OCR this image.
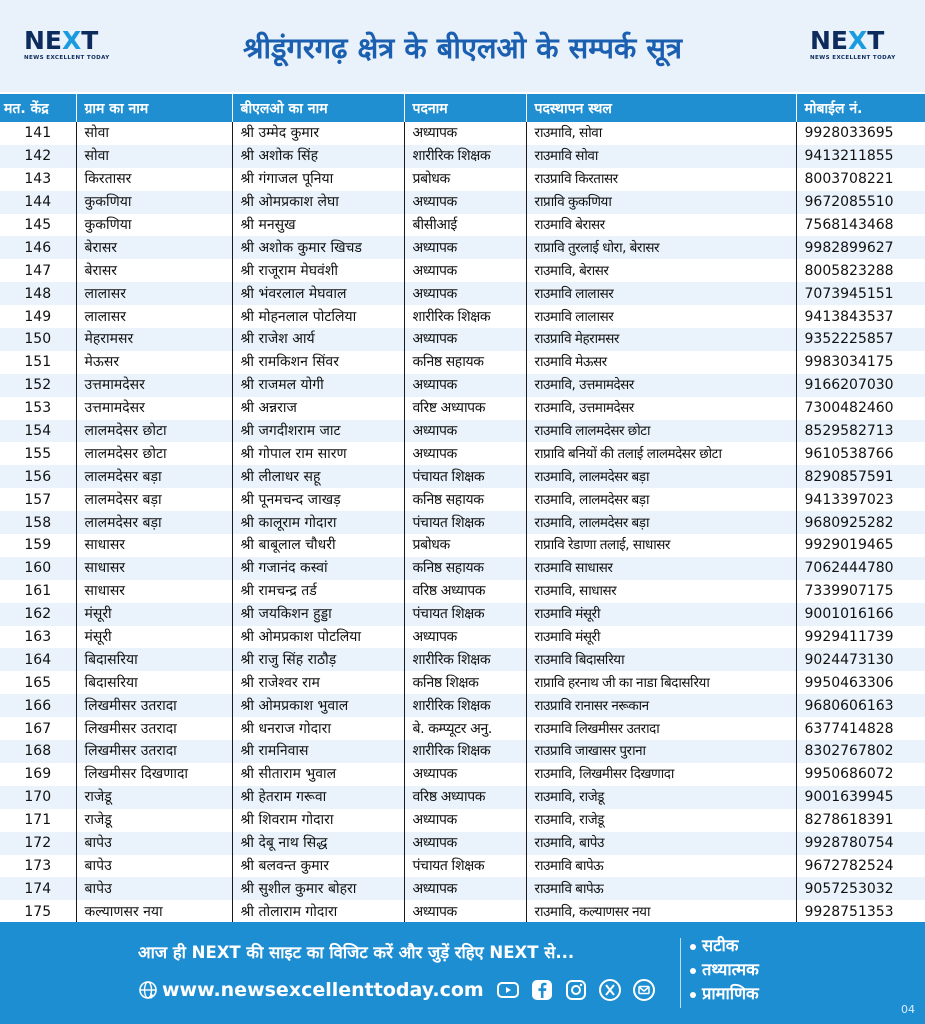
NEXT
NEWS EXCELLENT TODAY	श्रीडूंगरगढ़ क्षेत्र के बीएलओ के सम्पर्क सूत्र	NEXT
NEWS EXCELLENT TODAY
मत. केंद्र	ग्राम का नाम	बीएलओ का नाम	पदनाम	पदस्थापन स्थल	मोबाईल नं.
141	सोवा	श्री उम्मेद कुमार	अध्यापक	राउमावि, सोवा	9928033695
142	सोवा	श्री अशोक सिंह	शारीरिक शिक्षक	राउमावि सोवा	9413211855
143	किरतासर	श्री गंगाजल पूनिया	प्रबोधक	राउप्रावि किरतासर	8003708221
144	कुकणिया	श्री ओमप्रकाश लेघा	अध्यापक	राप्रावि कुकणिया	9672085510
145	कुकणिया	श्री मनसुख	बीसीआई	राउमावि बेरासर	7568143468
146	बेरासर	श्री अशोक कुमार खिचड	अध्यापक	राप्रावि तुरलाई धोरा, बेरासर	9982899627
147	बेरासर	श्री राजूराम मेघवंशी	अध्यापक	राउमावि, बेरासर	8005823288
148	लालासर	श्री भंवरलाल मेघवाल	अध्यापक	राउमावि लालासर	7073945151
149	लालासर	श्री मोहनलाल पोटलिया	शारीरिक शिक्षक	राउमावि लालासर	9413843537
150	मेहरामसर	श्री राजेश आर्य	अध्यापक	राउप्रावि मेहरामसर	9352225857
151	मेऊसर	श्री रामकिशन सिंवर	कनिष्ठ सहायक	राउमावि मेऊसर	9983034175
152	उत्तमामदेसर	श्री राजमल योगी	अध्यापक	राउमावि, उत्तमामदेसर	9166207030
153	उत्तमामदेसर	श्री अन्नराज	वरिष्ट अध्यापक	राउमावि, उत्तमामदेसर	7300482460
154	लालमदेसर छोटा	श्री जगदीशराम जाट	अध्यापक	राउमावि लालमदेसर छोटा	8529582713
155	लालमदेसर छोटा	श्री गोपाल राम सारण	अध्यापक	राप्रावि बनियों की तलाई लालमदेसर छोटा	9610538766
156	लालमदेसर बड़ा	श्री लीलाधर सहू	पंचायत शिक्षक	राउमावि, लालमदेसर बड़ा	8290857591
157	लालमदेसर बड़ा	श्री पूनमचन्द जाखड़	कनिष्ठ सहायक	राउमावि, लालमदेसर बड़ा	9413397023
158	लालमदेसर बड़ा	श्री कालूराम गोदारा	पंचायत शिक्षक	राउमावि, लालमदेसर बड़ा	9680925282
159	साधासर	श्री बाबूलाल चौधरी	प्रबोधक	राप्रावि रेडाणा तलाई, साधासर	9929019465
160	साधासर	श्री गजानंद कस्वां	कनिष्ठ सहायक	राउमावि साधासर	7062444780
161	साधासर	श्री रामचन्द्र तर्ड	वरिष्ठ अध्यापक	राउमावि, साधासर	7339907175
162	मंसूरी	श्री जयकिशन हुड्डा	पंचायत शिक्षक	राउमावि मंसूरी	9001016166
163	मंसूरी	श्री ओमप्रकाश पोटलिया	अध्यापक	राउमावि मंसूरी	9929411739
164	बिदासरिया	श्री राजु सिंह राठौड़	शारीरिक शिक्षक	राउमावि बिदासरिया	9024473130
165	बिदासरिया	श्री राजेश्वर राम	कनिष्ठ शिक्षक	राप्रावि हरनाथ जी का नाडा बिदासरिया	9950463306
166	लिखमीसर उतरादा	श्री ओमप्रकाश भुवाल	शारीरिक शिक्षक	राउप्रावि रानासर नरूकान	9680606163
167	लिखमीसर उतरादा	श्री धनराज गोदारा	बे. कम्प्यूटर अनु.	राउमावि लिखमीसर उतरादा	6377414828
168	लिखमीसर उतरादा	श्री रामनिवास	शारीरिक शिक्षक	राउप्रावि जाखासर पुराना	8302767802
169	लिखमीसर दिखणादा	श्री सीताराम भुवाल	अध्यापक	राउमावि, लिखमीसर दिखणादा	9950686072
170	राजेडू	श्री हेतराम गरूवा	वरिष्ठ अध्यापक	राउमावि, राजेडू	9001639945
171	राजेडू	श्री शिवराम गोदारा	अध्यापक	राउमावि, राजेडू	8278618391
172	बापेउ	श्री देबू नाथ सिद्ध	अध्यापक	राउमावि, बापेउ	9928780754
173	बापेउ	श्री बलवन्त कुमार	पंचायत शिक्षक	राउमावि बापेऊ	9672782524
174	बापेउ	श्री सुशील कुमार बोहरा	अध्यापक	राउमावि बापेऊ	9057253032
175	कल्याणसर नया	श्री तोलाराम गोदारा	अध्यापक	राउमावि, कल्याणसर नया	9928751353
आज ही NEXT की साइट का विजिट करें और जुड़ें रहिए NEXT से...
www.newsexcellenttoday.com
सटीक
तथ्यात्मक
प्रामाणिक
04
